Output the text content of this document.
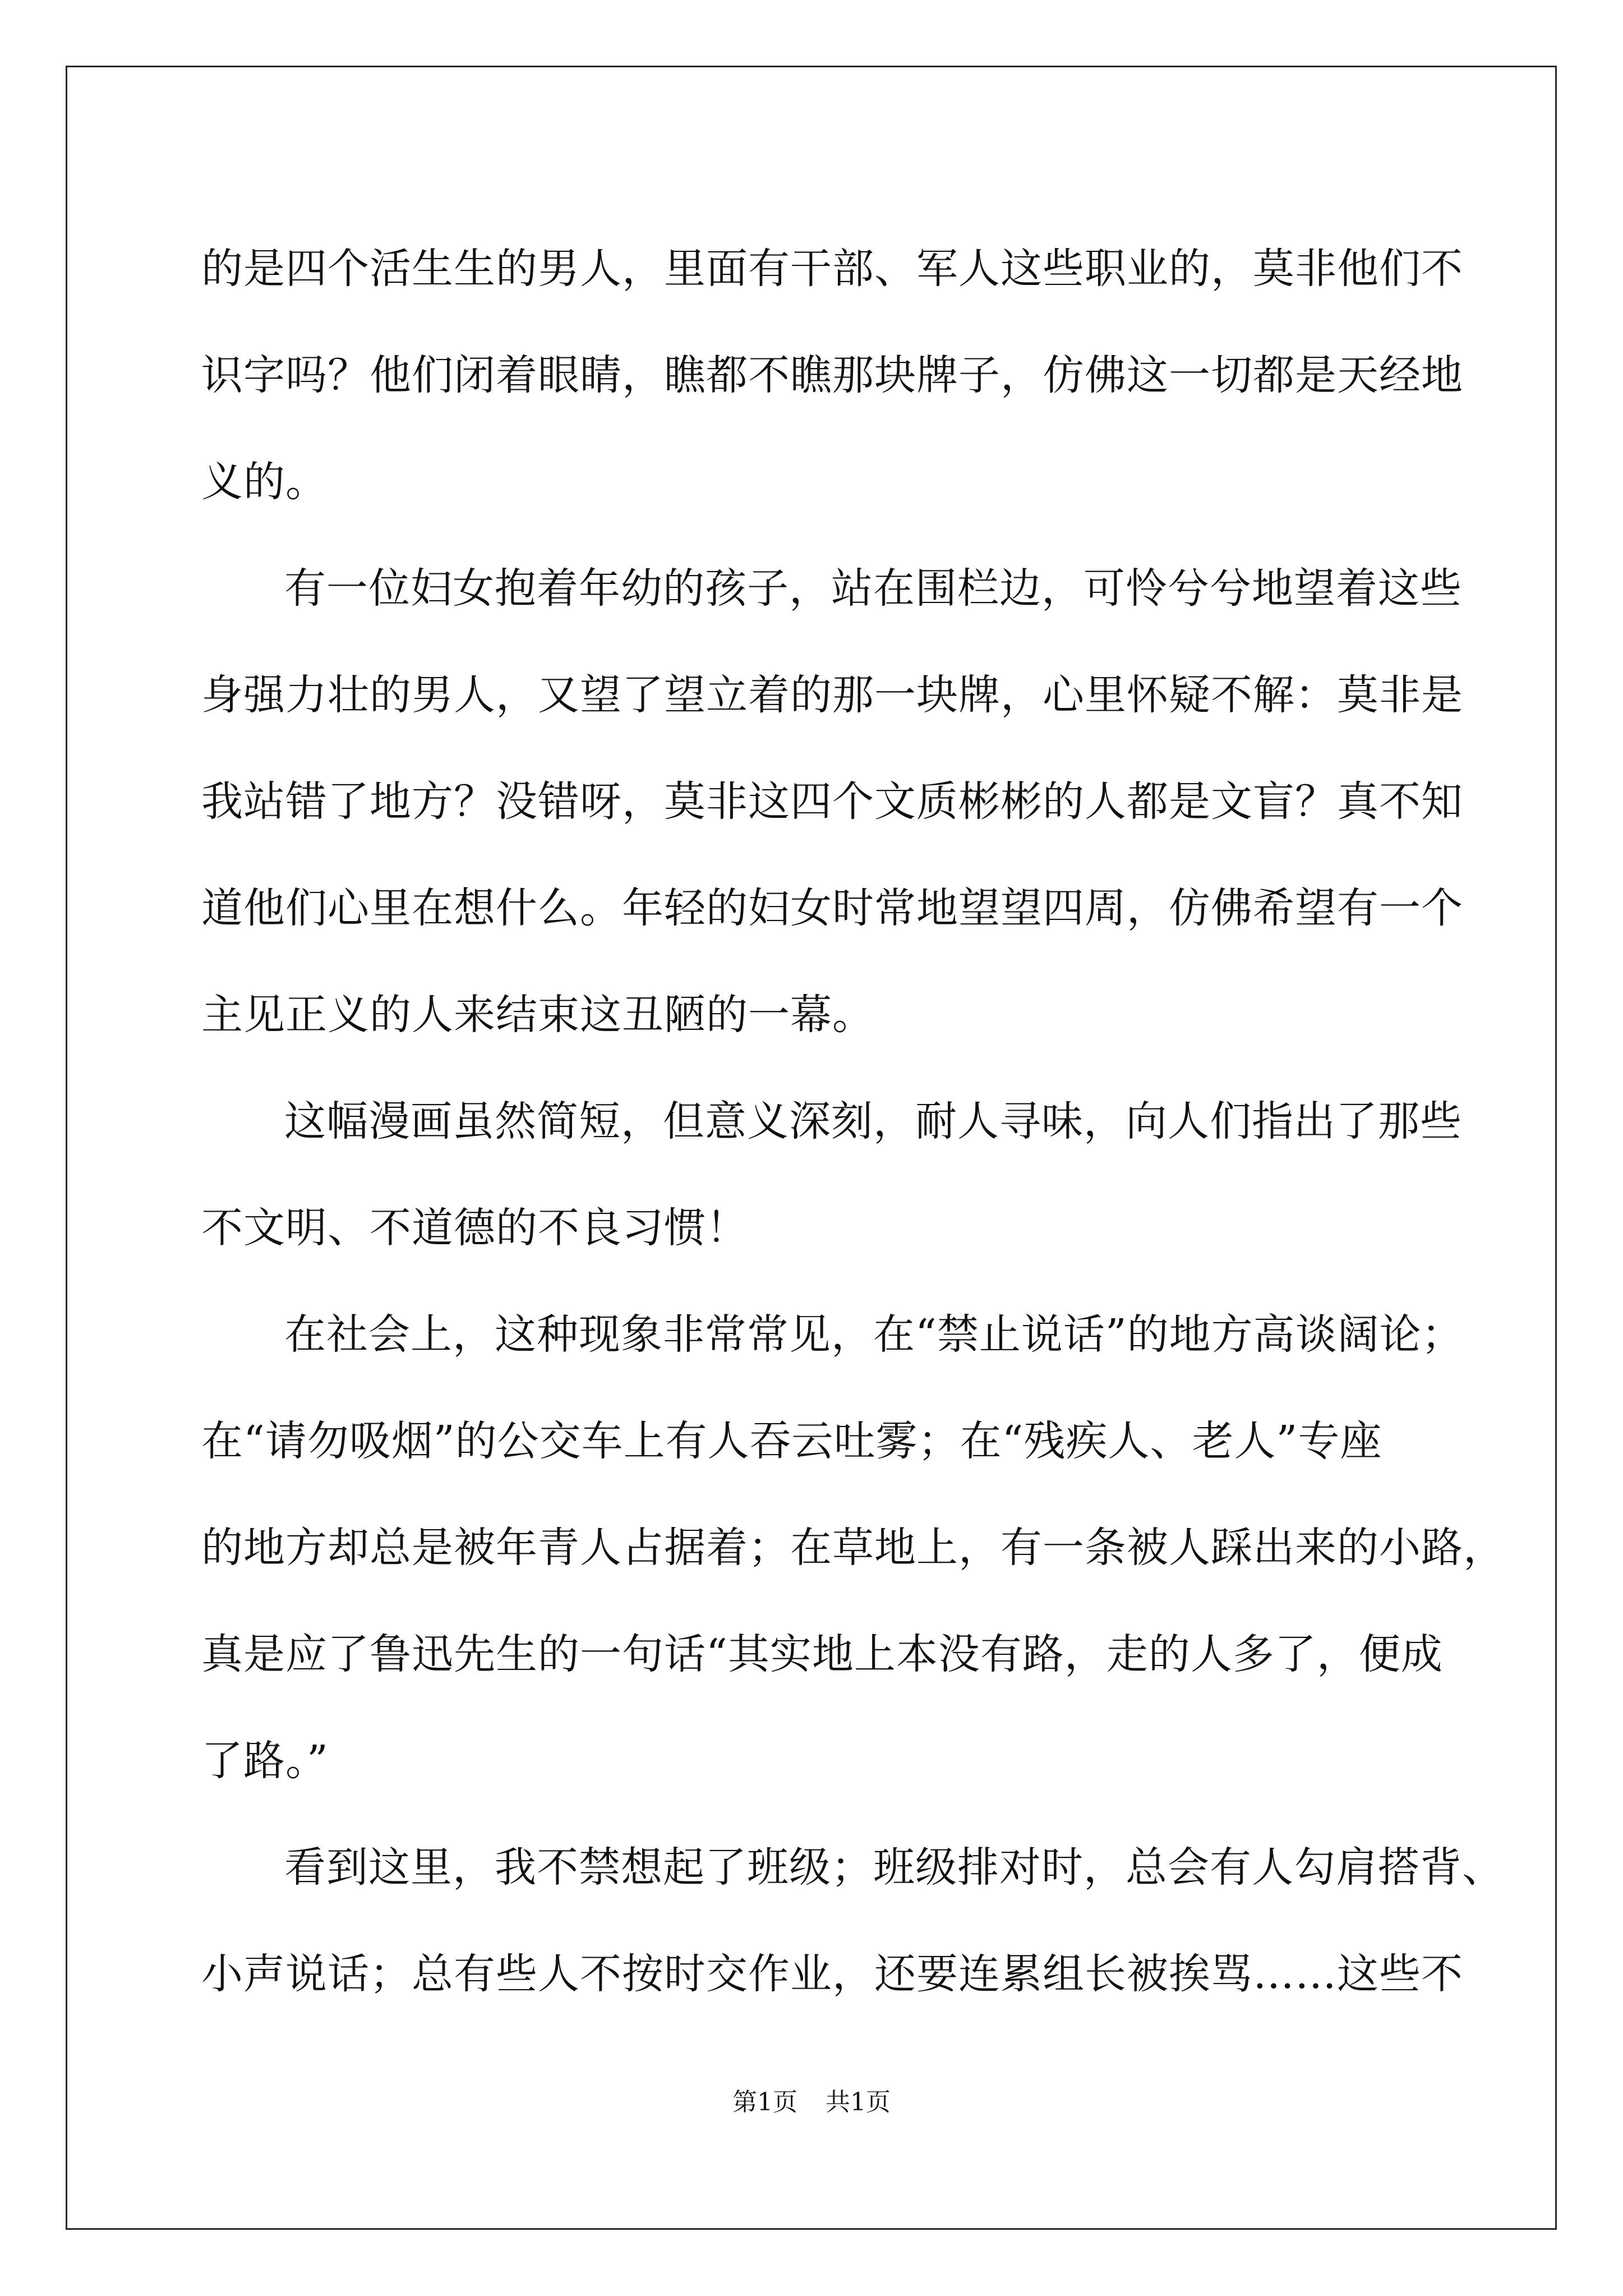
的是四个活生生的男人，里面有干部、军人这些职业的，莫非他们不
识字吗？他们闭着眼睛，瞧都不瞧那块牌子，仿佛这一切都是天经地
义的。
有一位妇女抱着年幼的孩子，站在围栏边，可怜兮兮地望着这些
身强力壮的男人，又望了望立着的那一块牌，心里怀疑不解：莫非是
我站错了地方？没错呀，莫非这四个文质彬彬的人都是文盲？真不知
道他们心里在想什么。年轻的妇女时常地望望四周，仿佛希望有一个
主见正义的人来结束这丑陋的一幕。
这幅漫画虽然简短，但意义深刻，耐人寻味，向人们指出了那些
不文明、不道德的不良习惯！
在社会上，这种现象非常常见，在“禁止说话”的地方高谈阔论；
在“请勿吸烟”的公交车上有人吞云吐雾；在“残疾人、老人”专座
的地方却总是被年青人占据着；在草地上，有一条被人踩出来的小路，
真是应了鲁迅先生的一句话“其实地上本没有路，走的人多了，便成
了路。”
看到这里，我不禁想起了班级；班级排对时，总会有人勾肩搭背、
小声说话；总有些人不按时交作业，还要连累组长被挨骂……这些不
第1页 共1页
